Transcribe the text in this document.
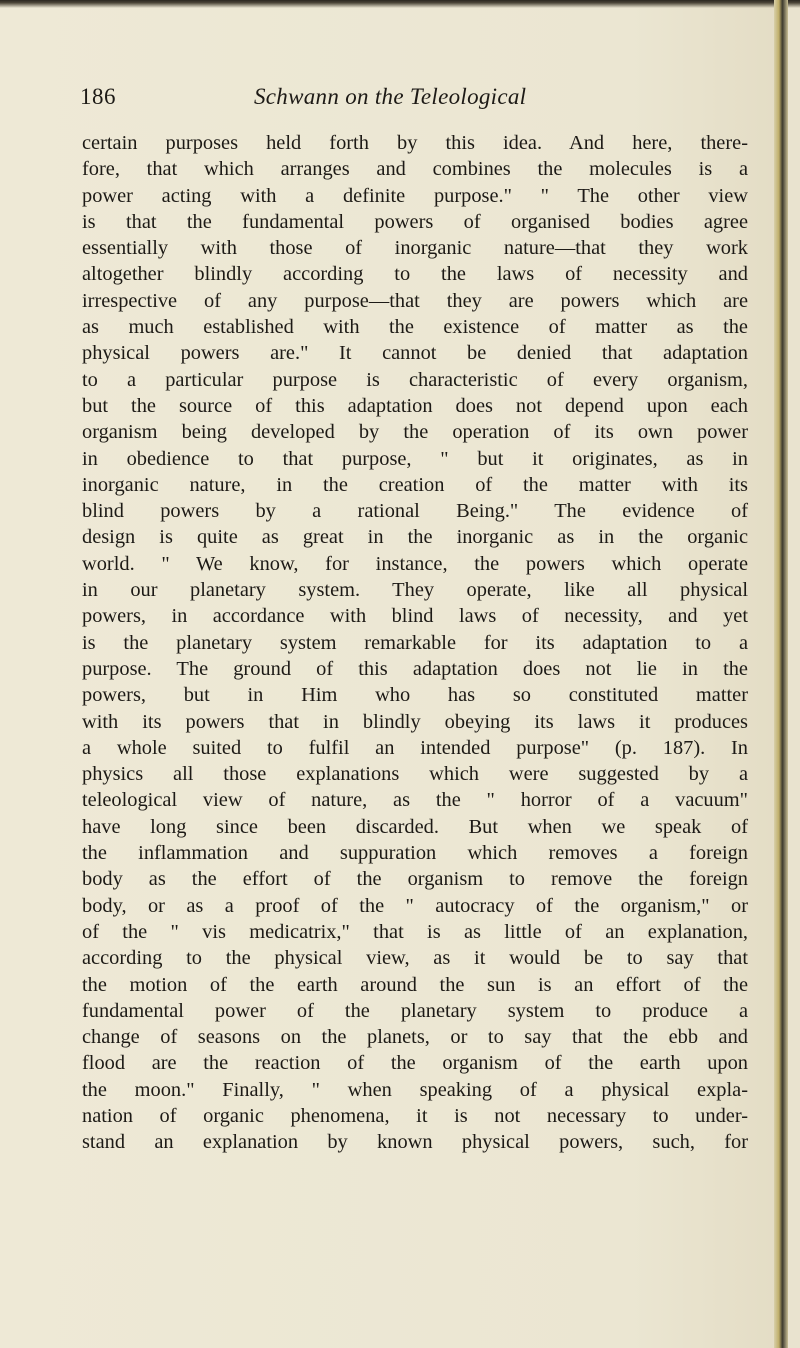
186	Schwann on the Teleological

certain purposes held forth by this idea. And here, there-
fore, that which arranges and combines the molecules is a
power acting with a definite purpose." " The other view
is that the fundamental powers of organised bodies agree
essentially with those of inorganic nature—that they work
altogether blindly according to the laws of necessity and
irrespective of any purpose—that they are powers which are
as much established with the existence of matter as the
physical powers are." It cannot be denied that adaptation
to a particular purpose is characteristic of every organism,
but the source of this adaptation does not depend upon each
organism being developed by the operation of its own power
in obedience to that purpose, " but it originates, as in
inorganic nature, in the creation of the matter with its
blind powers by a rational Being." The evidence of
design is quite as great in the inorganic as in the organic
world. " We know, for instance, the powers which operate
in our planetary system. They operate, like all physical
powers, in accordance with blind laws of necessity, and yet
is the planetary system remarkable for its adaptation to a
purpose. The ground of this adaptation does not lie in the
powers, but in Him who has so constituted matter
with its powers that in blindly obeying its laws it produces
a whole suited to fulfil an intended purpose" (p. 187). In
physics all those explanations which were suggested by a
teleological view of nature, as the " horror of a vacuum"
have long since been discarded. But when we speak of
the inflammation and suppuration which removes a foreign
body as the effort of the organism to remove the foreign
body, or as a proof of the " autocracy of the organism," or
of the " vis medicatrix," that is as little of an explanation,
according to the physical view, as it would be to say that
the motion of the earth around the sun is an effort of the
fundamental power of the planetary system to produce a
change of seasons on the planets, or to say that the ebb and
flood are the reaction of the organism of the earth upon
the moon." Finally, " when speaking of a physical expla-
nation of organic phenomena, it is not necessary to under-
stand an explanation by known physical powers, such, for
